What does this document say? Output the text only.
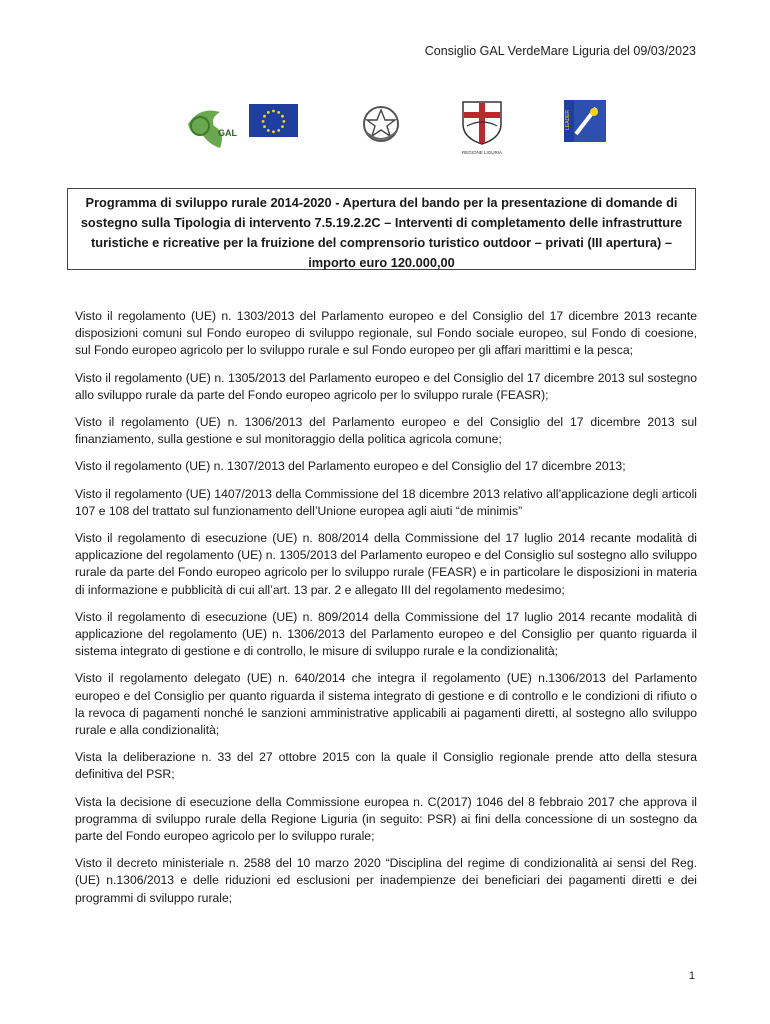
Consiglio GAL VerdeMare Liguria del 09/03/2023
GAL
REGIONE LIGURIA
LEADER
Programma di sviluppo rurale 2014-2020 - Apertura del bando per la presentazione di domande di sostegno sulla Tipologia di intervento 7.5.19.2.2C – Interventi di completamento delle infrastrutture turistiche e ricreative per la fruizione del comprensorio turistico outdoor – privati (III apertura) – importo euro 120.000,00

Visto il regolamento (UE) n. 1303/2013 del Parlamento europeo e del Consiglio del 17 dicembre 2013 recante disposizioni comuni sul Fondo europeo di sviluppo regionale, sul Fondo sociale europeo, sul Fondo di coesione, sul Fondo europeo agricolo per lo sviluppo rurale e sul Fondo europeo per gli affari marittimi e la pesca;

Visto il regolamento (UE) n. 1305/2013 del Parlamento europeo e del Consiglio del 17 dicembre 2013 sul sostegno allo sviluppo rurale da parte del Fondo europeo agricolo per lo sviluppo rurale (FEASR);

Visto il regolamento (UE) n. 1306/2013 del Parlamento europeo e del Consiglio del 17 dicembre 2013 sul finanziamento, sulla gestione e sul monitoraggio della politica agricola comune;

Visto il regolamento (UE) n. 1307/2013 del Parlamento europeo e del Consiglio del 17 dicembre 2013;

Visto il regolamento (UE) 1407/2013 della Commissione del 18 dicembre 2013 relativo all’applicazione degli articoli 107 e 108 del trattato sul funzionamento dell’Unione europea agli aiuti “de minimis”

Visto il regolamento di esecuzione (UE) n. 808/2014 della Commissione del 17 luglio 2014 recante modalità di applicazione del regolamento (UE) n. 1305/2013 del Parlamento europeo e del Consiglio sul sostegno allo sviluppo rurale da parte del Fondo europeo agricolo per lo sviluppo rurale (FEASR) e in particolare le disposizioni in materia di informazione e pubblicità di cui all’art. 13 par. 2 e allegato III del regolamento medesimo;

Visto il regolamento di esecuzione (UE) n. 809/2014 della Commissione del 17 luglio 2014 recante modalità di applicazione del regolamento (UE) n. 1306/2013 del Parlamento europeo e del Consiglio per quanto riguarda il sistema integrato di gestione e di controllo, le misure di sviluppo rurale e la condizionalità;

Visto il regolamento delegato (UE) n. 640/2014 che integra il regolamento (UE) n.1306/2013 del Parlamento europeo e del Consiglio per quanto riguarda il sistema integrato di gestione e di controllo e le condizioni di rifiuto o la revoca di pagamenti nonché le sanzioni amministrative applicabili ai pagamenti diretti, al sostegno allo sviluppo rurale e alla condizionalità;

Vista la deliberazione n. 33 del 27 ottobre 2015 con la quale il Consiglio regionale prende atto della stesura definitiva del PSR;

Vista la decisione di esecuzione della Commissione europea n. C(2017) 1046 del 8 febbraio 2017 che approva il programma di sviluppo rurale della Regione Liguria (in seguito: PSR) ai fini della concessione di un sostegno da parte del Fondo europeo agricolo per lo sviluppo rurale;

Visto il decreto ministeriale n. 2588 del 10 marzo 2020 “Disciplina del regime di condizionalità ai sensi del Reg. (UE) n.1306/2013 e delle riduzioni ed esclusioni per inadempienze dei beneficiari dei pagamenti diretti e dei programmi di sviluppo rurale;

1
